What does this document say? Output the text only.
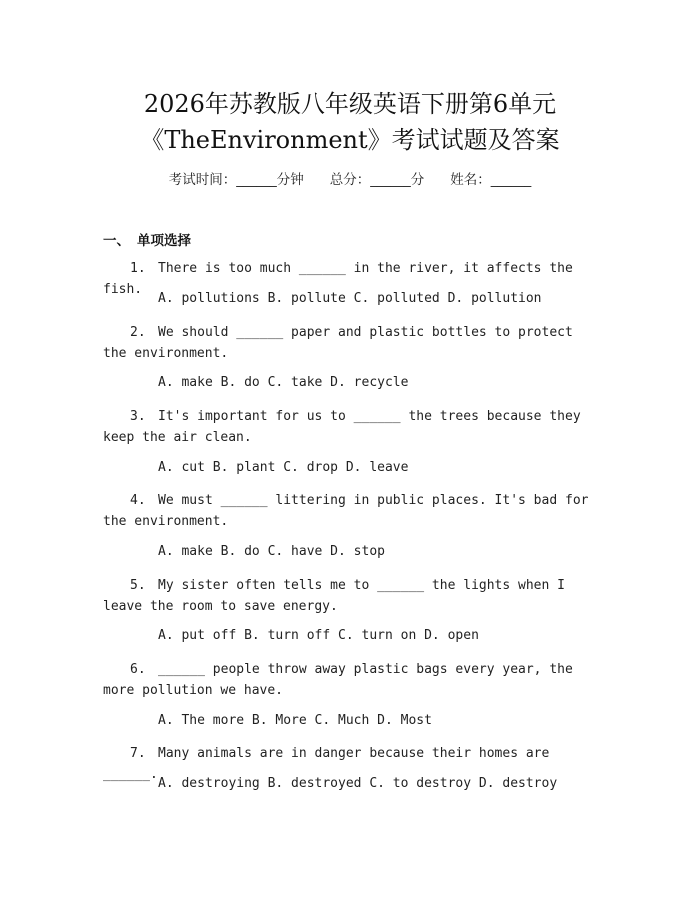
2026年苏教版八年级英语下册第6单元
《TheEnvironment》考试试题及答案
考试时间：______分钟 总分：______分 姓名：______
一、 单项选择
1. There is too much ______ in the river, it affects the fish.
A. pollutions B. pollute C. polluted D. pollution
2. We should ______ paper and plastic bottles to protect the environment.
A. make B. do C. take D. recycle
3. It's important for us to ______ the trees because they keep the air clean.
A. cut B. plant C. drop D. leave
4. We must ______ littering in public places. It's bad for the environment.
A. make B. do C. have D. stop
5. My sister often tells me to ______ the lights when I leave the room to save energy.
A. put off B. turn off C. turn on D. open
6. ______ people throw away plastic bags every year, the more pollution we have.
A. The more B. More C. Much D. Most
7. Many animals are in danger because their homes are ______.
A. destroying B. destroyed C. to destroy D. destroy
